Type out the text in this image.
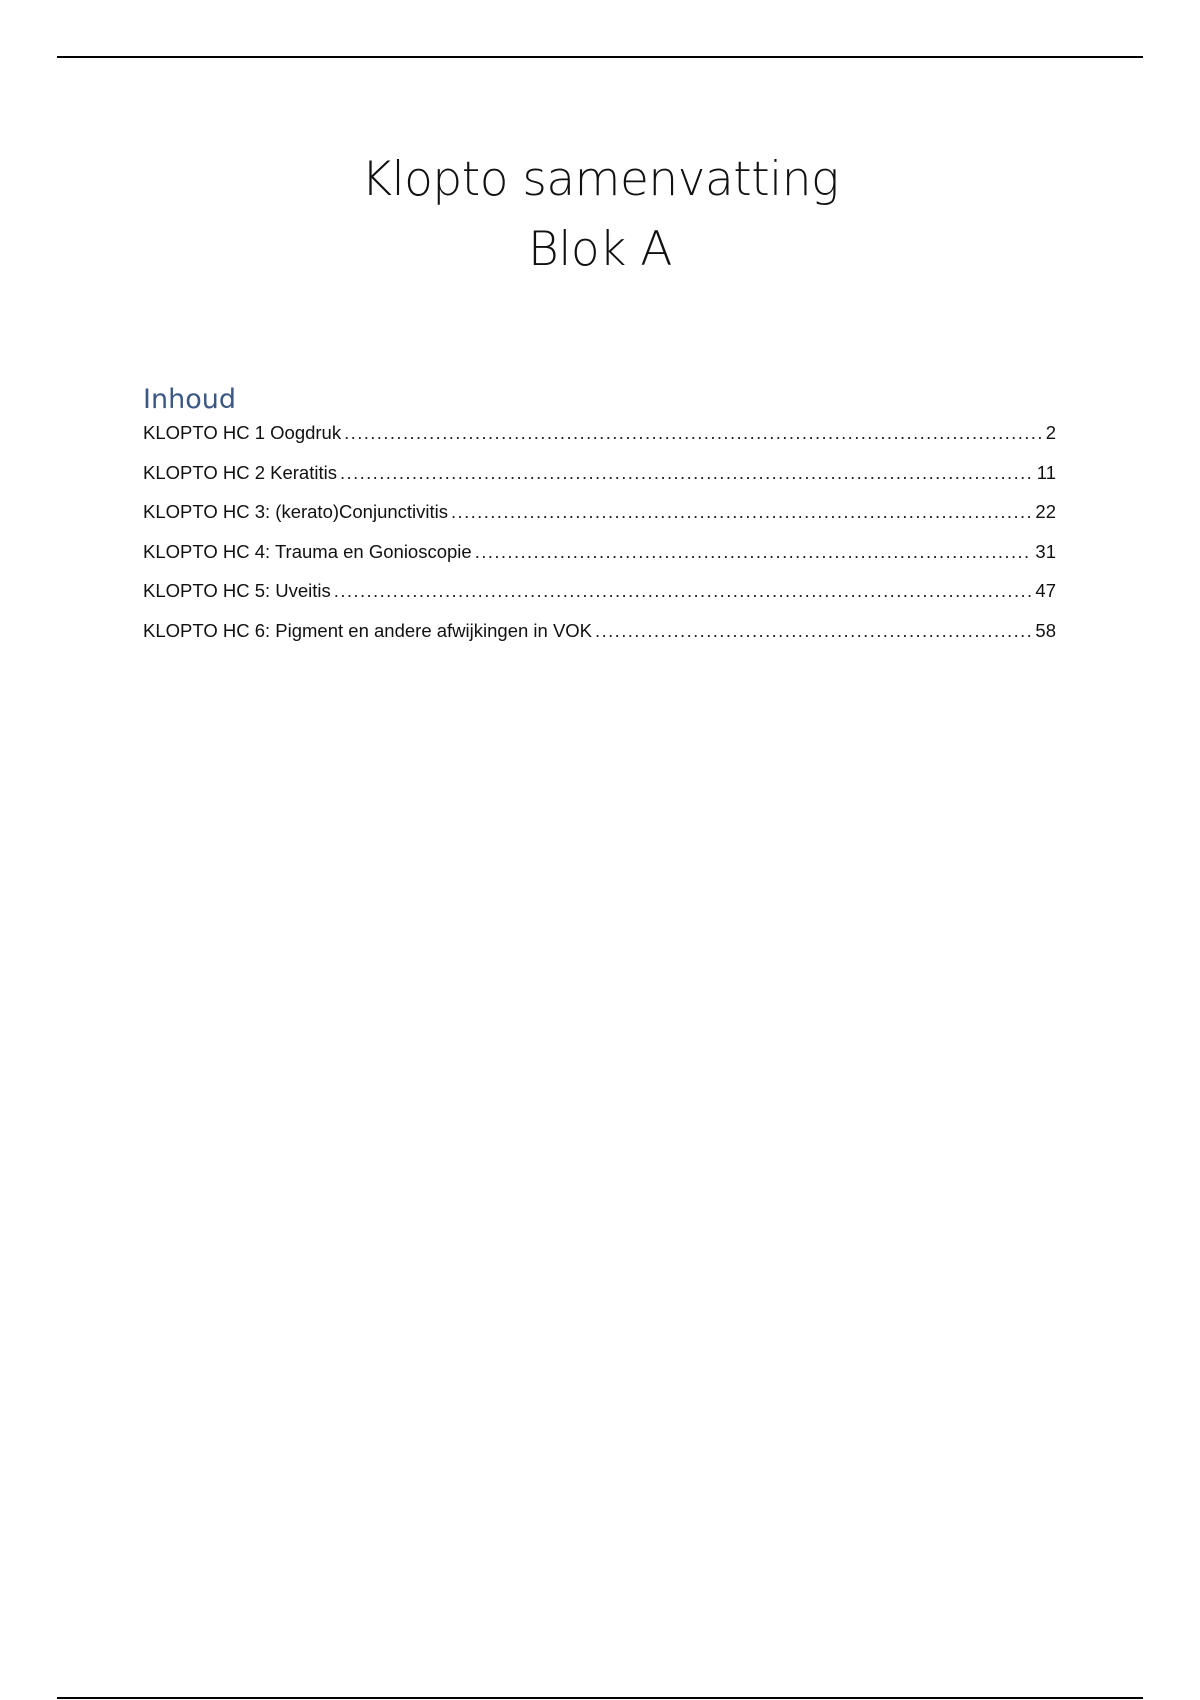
Klopto samenvatting
Blok A
Inhoud
KLOPTO HC 1 Oogdruk .....	2
KLOPTO HC 2 Keratitis .....	11
KLOPTO HC 3: (kerato)Conjunctivitis .....	22
KLOPTO HC 4: Trauma en Gonioscopie .....	31
KLOPTO HC 5: Uveitis .....	47
KLOPTO HC 6: Pigment en andere afwijkingen in VOK .....	58
